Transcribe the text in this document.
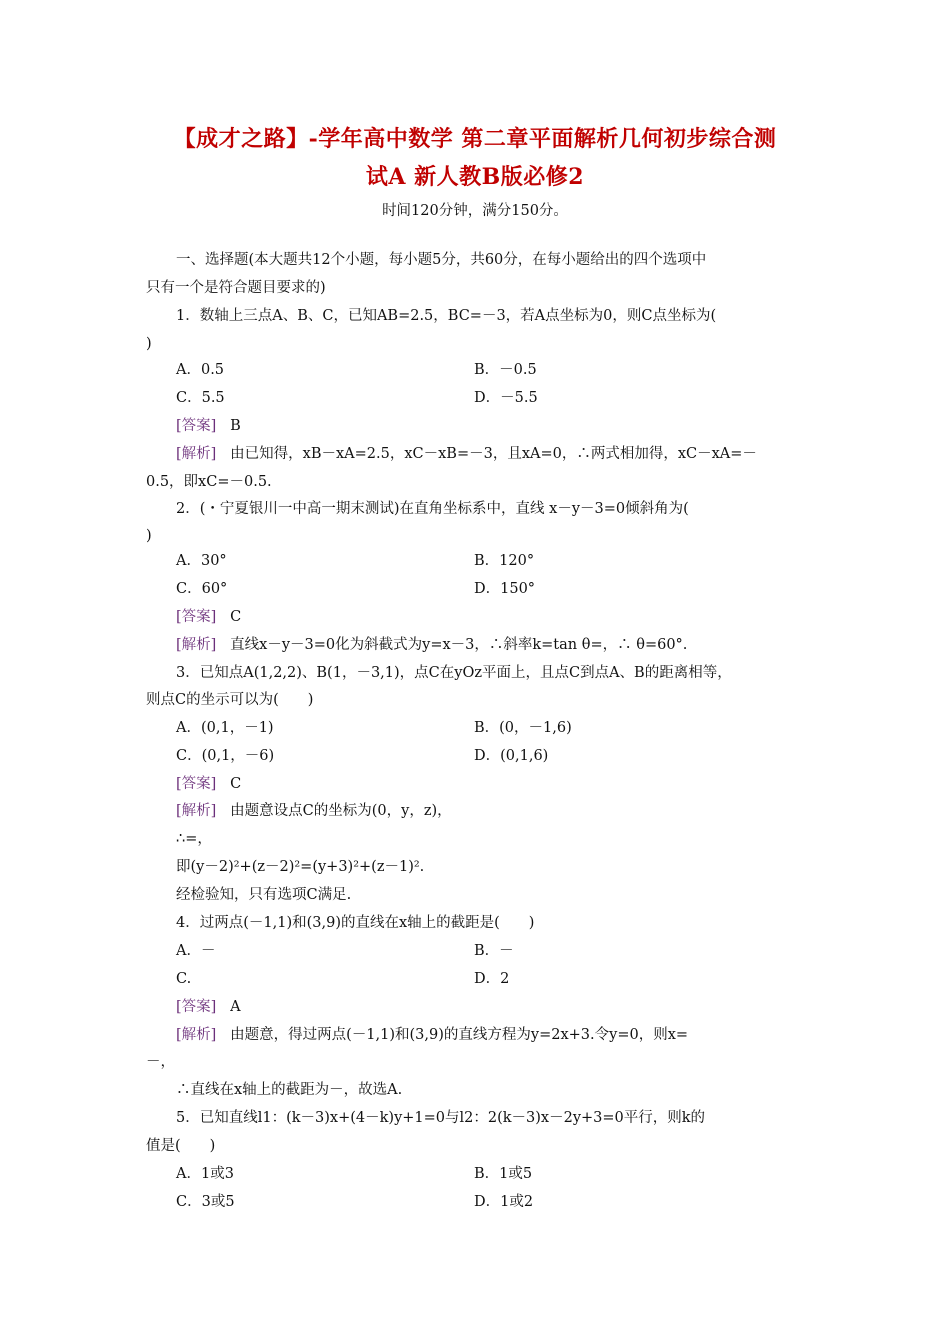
【成才之路】-学年高中数学 第二章平面解析几何初步综合测
试A 新人教B版必修2
时间120分钟，满分150分。
一、选择题(本大题共12个小题，每小题5分，共60分，在每小题给出的四个选项中
只有一个是符合题目要求的)
1．数轴上三点A、B、C，已知AB=2.5，BC=－3，若A点坐标为0，则C点坐标为(
)
A．0.5	B．－0.5
C．5.5	D．－5.5
[答案] B
[解析] 由已知得，xB－xA=2.5，xC－xB=－3，且xA=0，∴两式相加得，xC－xA=－
0.5，即xC=－0.5.
2．(・宁夏银川一中高一期末测试)在直角坐标系中，直线 x－y－3=0倾斜角为(
)
A．30°	B．120°
C．60°	D．150°
[答案] C
[解析] 直线x－y－3=0化为斜截式为y=x－3，∴斜率k=tan θ=，∴ θ=60°.
3．已知点A(1,2,2)、B(1，－3,1)，点C在yOz平面上，且点C到点A、B的距离相等，
则点C的坐示可以为(　　)
A．(0,1，－1)	B．(0，－1,6)
C．(0,1，－6)	D．(0,1,6)
[答案] C
[解析] 由题意设点C的坐标为(0，y，z)，
∴=，
即(y－2)²+(z－2)²=(y+3)²+(z－1)².
经检验知，只有选项C满足.
4．过两点(－1,1)和(3,9)的直线在x轴上的截距是(　　)
A．－	B．－
C.	D．2
[答案] A
[解析] 由题意，得过两点(－1,1)和(3,9)的直线方程为y=2x+3.令y=0，则x=
－，
∴直线在x轴上的截距为－，故选A.
5．已知直线l1：(k－3)x+(4－k)y+1=0与l2：2(k－3)x－2y+3=0平行，则k的
值是(　　)
A．1或3	B．1或5
C．3或5	D．1或2
